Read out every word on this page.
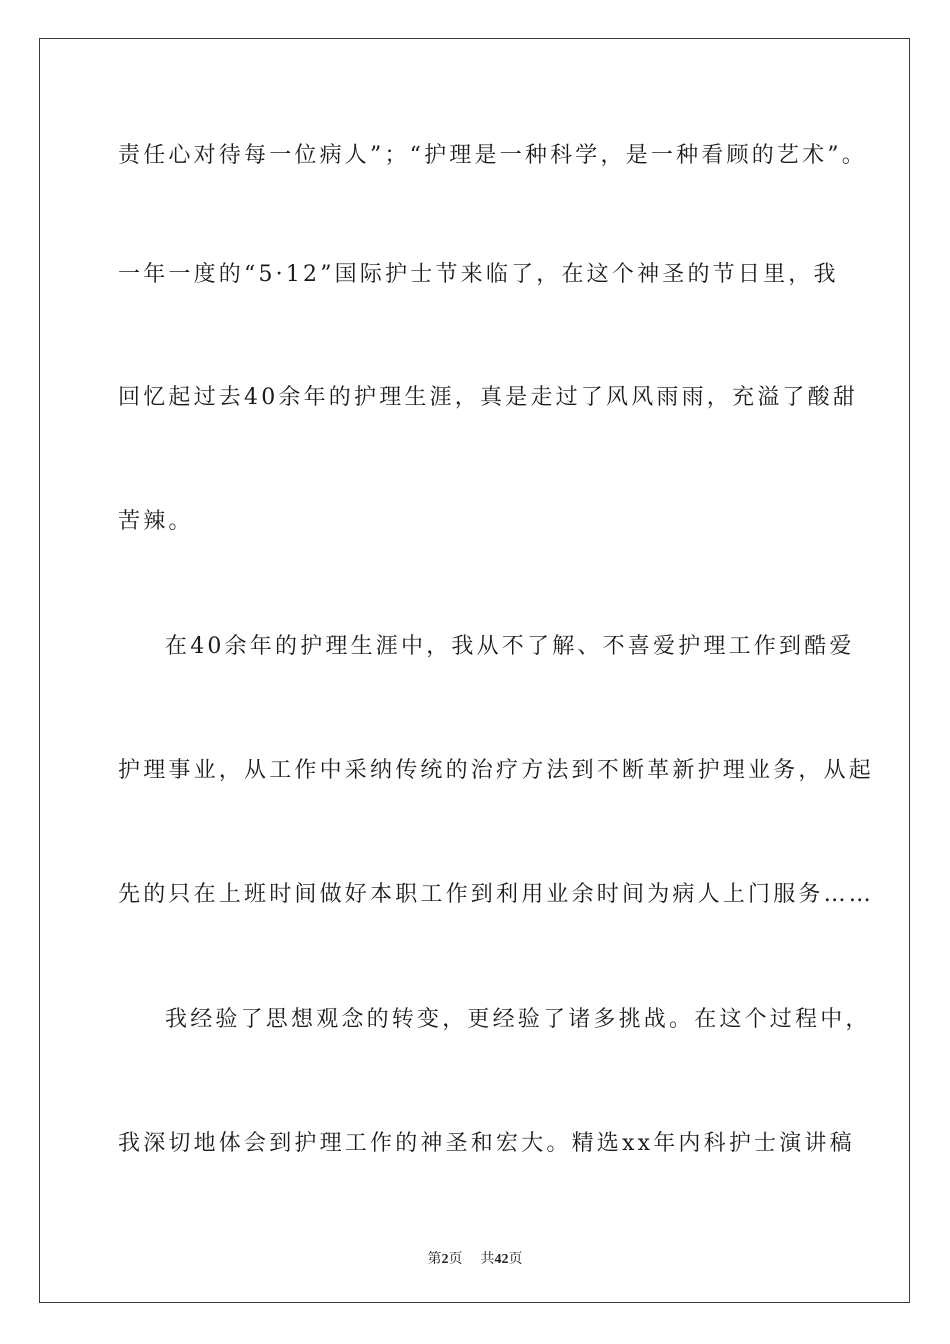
责任心对待每一位病人”；“护理是一种科学，是一种看顾的艺术”。
一年一度的“5·12”国际护士节来临了，在这个神圣的节日里，我
回忆起过去40余年的护理生涯，真是走过了风风雨雨，充溢了酸甜
苦辣。
在40余年的护理生涯中，我从不了解、不喜爱护理工作到酷爱
护理事业，从工作中采纳传统的治疗方法到不断革新护理业务，从起
先的只在上班时间做好本职工作到利用业余时间为病人上门服务……
我经验了思想观念的转变，更经验了诸多挑战。在这个过程中，
我深切地体会到护理工作的神圣和宏大。精选xx年内科护士演讲稿
第2页 共42页
